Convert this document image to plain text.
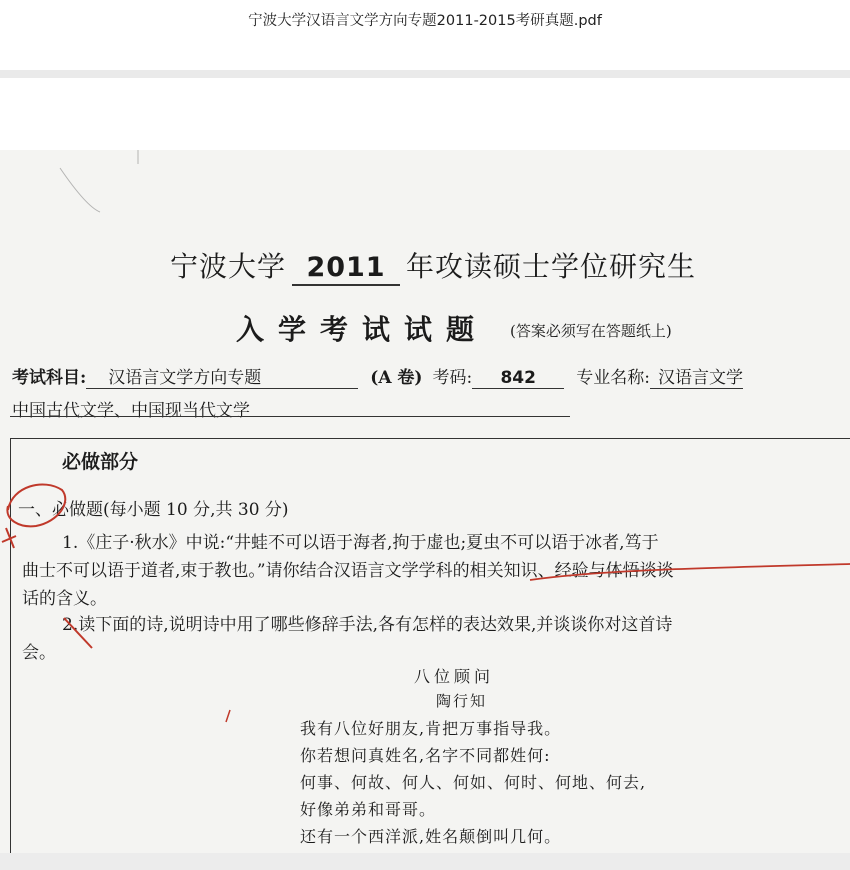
宁波大学汉语言文学方向专题2011-2015考研真题.pdf
宁波大学 2011 年攻读硕士学位研究生
入学考试试题 (答案必须写在答题纸上)
考试科目: 汉语言文学方向专题	(A 卷) 考码: 842 专业名称: 汉语言文学
中国古代文学、中国现当代文学
必做部分
一、必做题(每小题 10 分,共 30 分)
1.《庄子·秋水》中说:“井蛙不可以语于海者,拘于虚也;夏虫不可以语于冰者,笃于
曲士不可以语于道者,束于教也。”请你结合汉语言文学学科的相关知识、经验与体悟谈谈
话的含义。
2.读下面的诗,说明诗中用了哪些修辞手法,各有怎样的表达效果,并谈谈你对这首诗
会。
八位顾问
陶行知
我有八位好朋友,肯把万事指导我。
你若想问真姓名,名字不同都姓何:
何事、何故、何人、何如、何时、何地、何去,
好像弟弟和哥哥。
还有一个西洋派,姓名颠倒叫几何。
